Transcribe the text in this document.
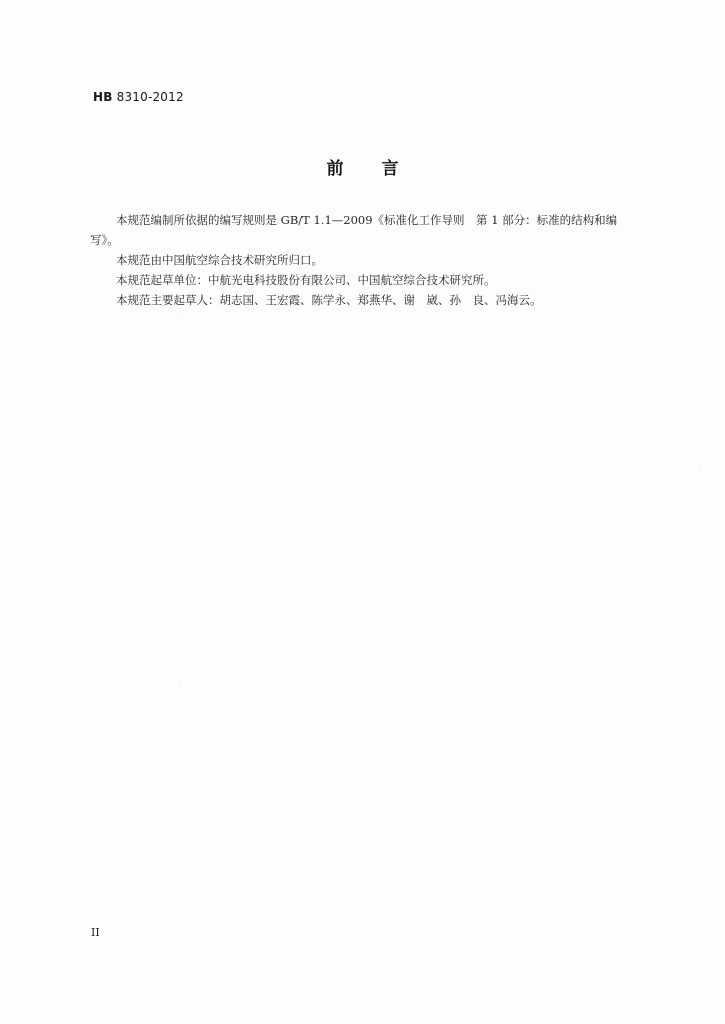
HB 8310-2012
前 言

本规范编制所依据的编写规则是 GB/T 1.1—2009《标准化工作导则　第 1 部分：标准的结构和编
写》。

本规范由中国航空综合技术研究所归口。

本规范起草单位：中航光电科技股份有限公司、中国航空综合技术研究所。

本规范主要起草人：胡志国、王宏霞、陈学永、郑燕华、谢　崴、孙　良、冯海云。

II
